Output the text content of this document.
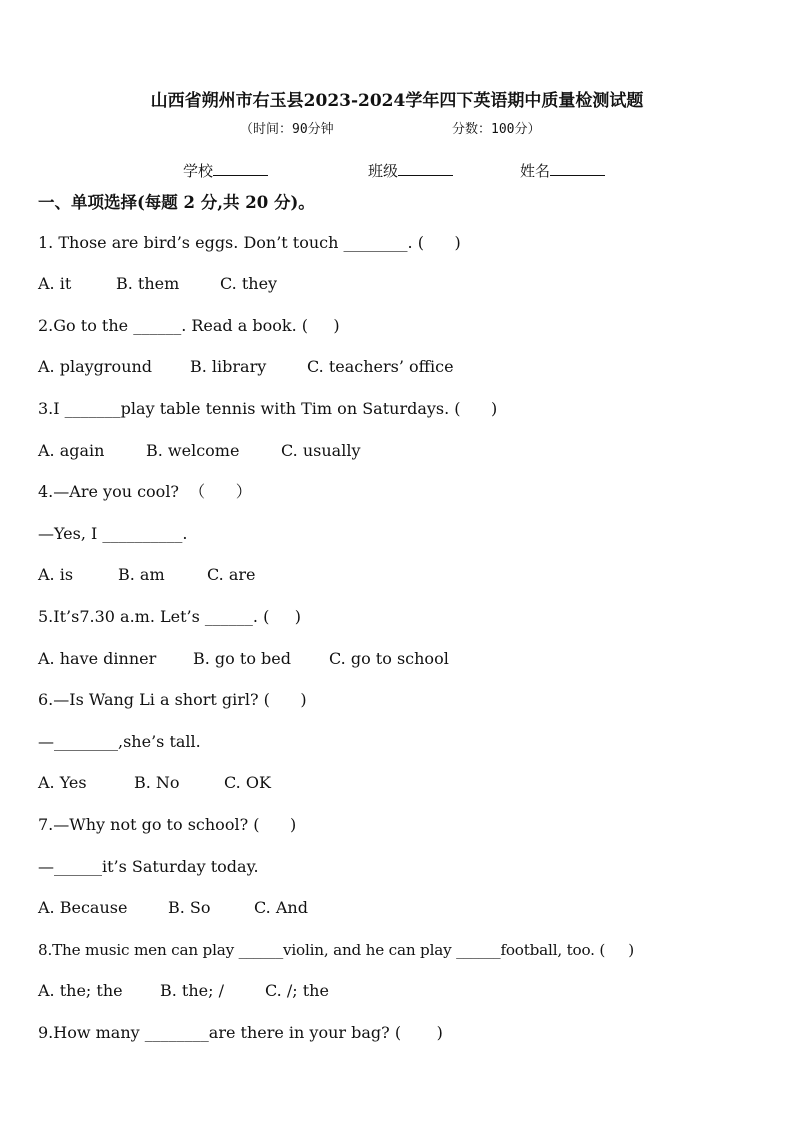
山西省朔州市右玉县2023-2024学年四下英语期中质量检测试题
（时间：90分钟	分数：100分）
学校	班级	姓名
一、单项选择(每题 2 分,共 20 分)。
1. Those are bird’s eggs. Don’t touch ________. (      )
A. it	B. them	C. they
2.Go to the ______. Read a book. (     )
A. playground B. library	C. teachers’ office
3.I _______play table tennis with Tim on Saturdays. (      )
A. again	B. welcome	C. usually
4.—Are you cool?  （      ）
—Yes, I __________.
A. is	B. am	C. are
5.It’s7.30 a.m. Let’s ______. (     )
A. have dinner B. go to bed C. go to school
6.—Is Wang Li a short girl? (      )
—________,she’s tall.
A. Yes	B. No	C. OK
7.—Why not go to school? (      )
—______it’s Saturday today.
A. Because	B. So	C. And
8.The music men can play ______violin, and he can play ______football, too. (     )
A. the; the B. the; /	C. /; the
9.How many ________are there in your bag? (       )
